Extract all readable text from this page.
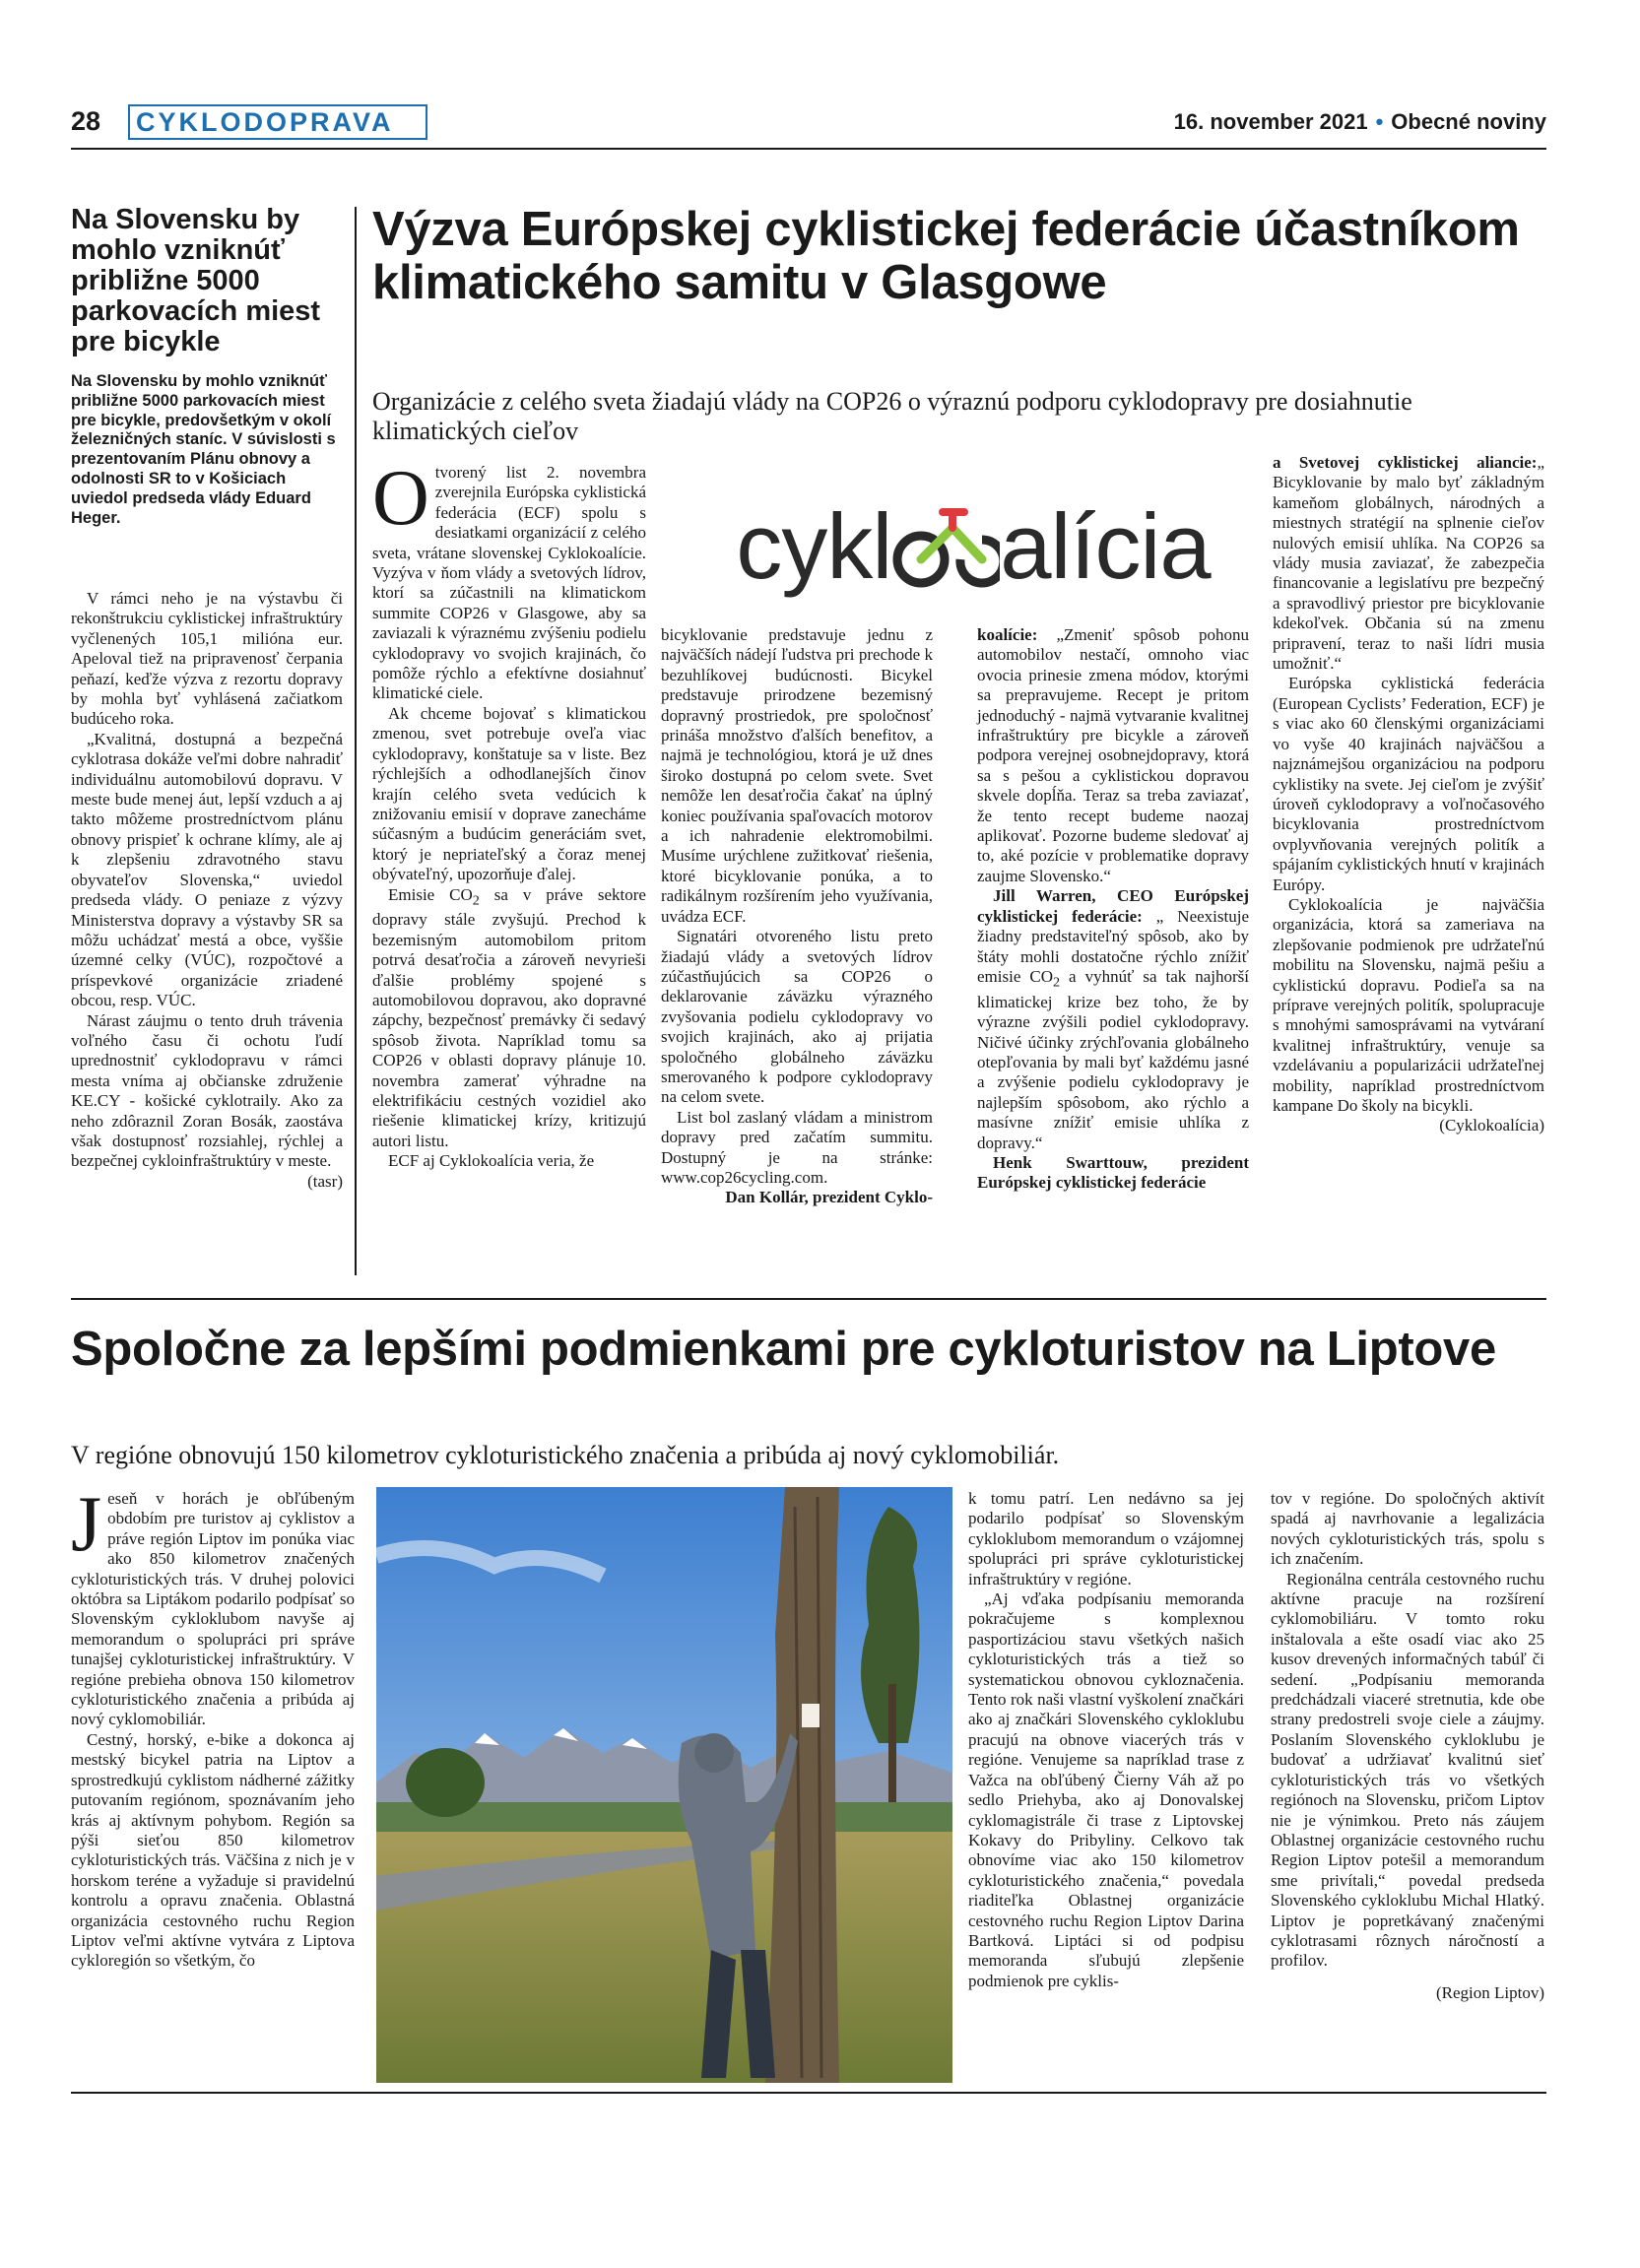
28 CYKLODOPRAVA	16. november 2021 • Obecné noviny
Na Slovensku by mohlo vzniknúť približne 5000 parkovacích miest pre bicykle
Na Slovensku by mohlo vzniknúť približne 5000 parkovacích miest pre bicykle, predovšetkým v okolí železničných staníc. V súvislosti s prezentovaním Plánu obnovy a odolnosti SR to v Košiciach uviedol predseda vlády Eduard Heger.

V rámci neho je na výstavbu či rekonštrukciu cyklistickej infraštruktúry vyčlenených 105,1 milióna eur. Apeloval tiež na pripravenosť čerpania peňazí, keďže výzva z rezortu dopravy by mohla byť vyhlásená začiatkom budúceho roka.

„Kvalitná, dostupná a bezpečná cyklotrasa dokáže veľmi dobre nahradiť individuálnu automobilovú dopravu. V meste bude menej áut, lepší vzduch a aj takto môžeme prostredníctvom plánu obnovy prispieť k ochrane klímy, ale aj k zlepšeniu zdravotného stavu obyvateľov Slovenska,“ uviedol predseda vlády. O peniaze z výzvy Ministerstva dopravy a výstavby SR sa môžu uchádzať mestá a obce, vyššie územné celky (VÚC), rozpočtové a príspevkové organizácie zriadené obcou, resp. VÚC.

Nárast záujmu o tento druh trávenia voľného času či ochotu ľudí uprednostniť cyklodopravu v rámci mesta vníma aj občianske združenie KE.CY - košické cyklotraily. Ako za neho zdôraznil Zoran Bosák, zaostáva však dostupnosť rozsiahlej, rýchlej a bezpečnej cykloinfraštruktúry v meste.

(tasr)

Výzva Európskej cyklistickej federácie účastníkom klimatického samitu v Glasgowe
Organizácie z celého sveta žiadajú vlády na COP26 o výraznú podporu cyklodopravy pre dosiahnutie klimatických cieľov
cykl alícia

Otvorený list 2. novembra zverejnila Európska cyklistická federácia (ECF) spolu s desiatkami organizácií z celého sveta, vrátane slovenskej Cyklokoalície. Vyzýva v ňom vlády a svetových lídrov, ktorí sa zúčastnili na klimatickom summite COP26 v Glasgowe, aby sa zaviazali k výraznému zvýšeniu podielu cyklodopravy vo svojich krajinách, čo pomôže rýchlo a efektívne dosiahnuť klimatické ciele.

Ak chceme bojovať s klimatickou zmenou, svet potrebuje oveľa viac cyklodopravy, konštatuje sa v liste. Bez rýchlejších a odhodlanejších činov krajín celého sveta vedúcich k znižovaniu emisií v doprave zanecháme súčasným a budúcim generáciám svet, ktorý je nepriateľský a čoraz menej obývateľný, upozorňuje ďalej.

Emisie $CO_2$ sa v práve sektore dopravy stále zvyšujú. Prechod k bezemisným automobilom pritom potrvá desaťročia a zároveň nevyrieši ďalšie problémy spojené s automobilovou dopravou, ako dopravné zápchy, bezpečnosť premávky či sedavý spôsob života. Napríklad tomu sa COP26 v oblasti dopravy plánuje 10. novembra zamerať výhradne na elektrifikáciu cestných vozidiel ako riešenie klimatickej krízy, kritizujú autori listu.

ECF aj Cyklokoalícia veria, že

bicyklovanie predstavuje jednu z najväčších nádejí ľudstva pri prechode k bezuhlíkovej budúcnosti. Bicykel predstavuje prirodzene bezemisný dopravný prostriedok, pre spoločnosť prináša množstvo ďalších benefitov, a najmä je technológiou, ktorá je už dnes široko dostupná po celom svete. Svet nemôže len desaťročia čakať na úplný koniec používania spaľovacích motorov a ich nahradenie elektromobilmi. Musíme urýchlene zužitkovať riešenia, ktoré bicyklovanie ponúka, a to radikálnym rozšírením jeho využívania, uvádza ECF.

Signatári otvoreného listu preto žiadajú vlády a svetových lídrov zúčastňujúcich sa COP26 o deklarovanie záväzku výrazného zvyšovania podielu cyklodopravy vo svojich krajinách, ako aj prijatia spoločného globálneho záväzku smerovaného k podpore cyklodopravy na celom svete.

List bol zaslaný vládam a ministrom dopravy pred začatím summitu. Dostupný je na stránke: www.cop26cycling.com.

Dan Kollár, prezident Cyklo-

koalície: „Zmeniť spôsob pohonu automobilov nestačí, omnoho viac ovocia prinesie zmena módov, ktorými sa prepravujeme. Recept je pritom jednoduchý - najmä vytvaranie kvalitnej infraštruktúry pre bicykle a zároveň podpora verejnej osobnejdopravy, ktorá sa s pešou a cyklistickou dopravou skvele dopĺňa. Teraz sa treba zaviazať, že tento recept budeme naozaj aplikovať. Pozorne budeme sledovať aj to, aké pozície v problematike dopravy zaujme Slovensko.“

Jill Warren, CEO Európskej cyklistickej federácie: „ Neexistuje žiadny predstaviteľný spôsob, ako by štáty mohli dostatočne rýchlo znížiť emisie $CO_2$ a vyhnúť sa tak najhorší klimatickej krize bez toho, že by výrazne zvýšili podiel cyklodopravy. Ničivé účinky zrýchľovania globálneho otepľovania by mali byť každému jasné a zvýšenie podielu cyklodopravy je najlepším spôsobom, ako rýchlo a masívne znížiť emisie uhlíka z dopravy.“

Henk Swarttouw, prezident Európskej cyklistickej federácie

a Svetovej cyklistickej aliancie:„ Bicyklovanie by malo byť základným kameňom globálnych, národných a miestnych stratégií na splnenie cieľov nulových emisií uhlíka. Na COP26 sa vlády musia zaviazať, že zabezpečia financovanie a legislatívu pre bezpečný a spravodlivý priestor pre bicyklovanie kdekoľvek. Občania sú na zmenu pripravení, teraz to naši lídri musia umožniť.“

Európska cyklistická federácia (European Cyclists’ Federation, ECF) je s viac ako 60 členskými organizáciami vo vyše 40 krajinách najväčšou a najznámejšou organizáciou na podporu cyklistiky na svete. Jej cieľom je zvýšiť úroveň cyklodopravy a voľnočasového bicyklovania prostredníctvom ovplyvňovania verejných politík a spájaním cyklistických hnutí v krajinách Európy.

Cyklokoalícia je najväčšia organizácia, ktorá sa zameriava na zlepšovanie podmienok pre udržateľnú mobilitu na Slovensku, najmä pešiu a cyklistickú dopravu. Podieľa sa na príprave verejných politík, spolupracuje s mnohými samosprávami na vytváraní kvalitnej infraštruktúry, venuje sa vzdelávaniu a popularizácii udržateľnej mobility, napríklad prostredníctvom kampane Do školy na bicykli.

(Cyklokoalícia)

Spoločne za lepšími podmienkami pre cykloturistov na Liptove
V regióne obnovujú 150 kilometrov cykloturistického značenia a pribúda aj nový cyklomobiliár.

Jeseň v horách je obľúbeným obdobím pre turistov aj cyklistov a práve región Liptov im ponúka viac ako 850 kilometrov značených cykloturistických trás. V druhej polovici októbra sa Liptákom podarilo podpísať so Slovenským cykloklubom navyše aj memorandum o spolupráci pri správe tunajšej cykloturistickej infraštruktúry. V regióne prebieha obnova 150 kilometrov cykloturistického značenia a pribúda aj nový cyklomobiliár.

Cestný, horský, e-bike a dokonca aj mestský bicykel patria na Liptov a sprostredkujú cyklistom nádherné zážitky putovaním regiónom, spoznávaním jeho krás aj aktívnym pohybom. Región sa pýši sieťou 850 kilometrov cykloturistických trás. Väčšina z nich je v horskom teréne a vyžaduje si pravidelnú kontrolu a opravu značenia. Oblastná organizácia cestovného ruchu Region Liptov veľmi aktívne vytvára z Liptova cykloregión so všetkým, čo

k tomu patrí. Len nedávno sa jej podarilo podpísať so Slovenským cykloklubom memorandum o vzájomnej spolupráci pri správe cykloturistickej infraštruktúry v regióne.

„Aj vďaka podpísaniu memoranda pokračujeme s komplexnou pasportizáciou stavu všetkých našich cykloturistických trás a tiež so systematickou obnovou cykloznačenia. Tento rok naši vlastní vyškolení značkári ako aj značkári Slovenského cykloklubu pracujú na obnove viacerých trás v regióne. Venujeme sa napríklad trase z Važca na obľúbený Čierny Váh až po sedlo Priehyba, ako aj Donovalskej cyklomagistrále či trase z Liptovskej Kokavy do Pribyliny. Celkovo tak obnovíme viac ako 150 kilometrov cykloturistického značenia,“ povedala riaditeľka Oblastnej organizácie cestovného ruchu Region Liptov Darina Bartková. Liptáci si od podpisu memoranda sľubujú zlepšenie podmienok pre cyklis-

tov v regióne. Do spoločných aktivít spadá aj navrhovanie a legalizácia nových cykloturistických trás, spolu s ich značením.

Regionálna centrála cestovného ruchu aktívne pracuje na rozšírení cyklomobiliáru. V tomto roku inštalovala a ešte osadí viac ako 25 kusov drevených informačných tabúľ či sedení. „Podpísaniu memoranda predchádzali viaceré stretnutia, kde obe strany predostreli svoje ciele a záujmy. Poslaním Slovenského cykloklubu je budovať a udržiavať kvalitnú sieť cykloturistických trás vo všetkých regiónoch na Slovensku, pričom Liptov nie je výnimkou. Preto nás záujem Oblastnej organizácie cestovného ruchu Region Liptov potešil a memorandum sme privítali,“ povedal predseda Slovenského cykloklubu Michal Hlatký. Liptov je popretkávaný značenými cyklotrasami rôznych náročností a profilov.

(Region Liptov)
